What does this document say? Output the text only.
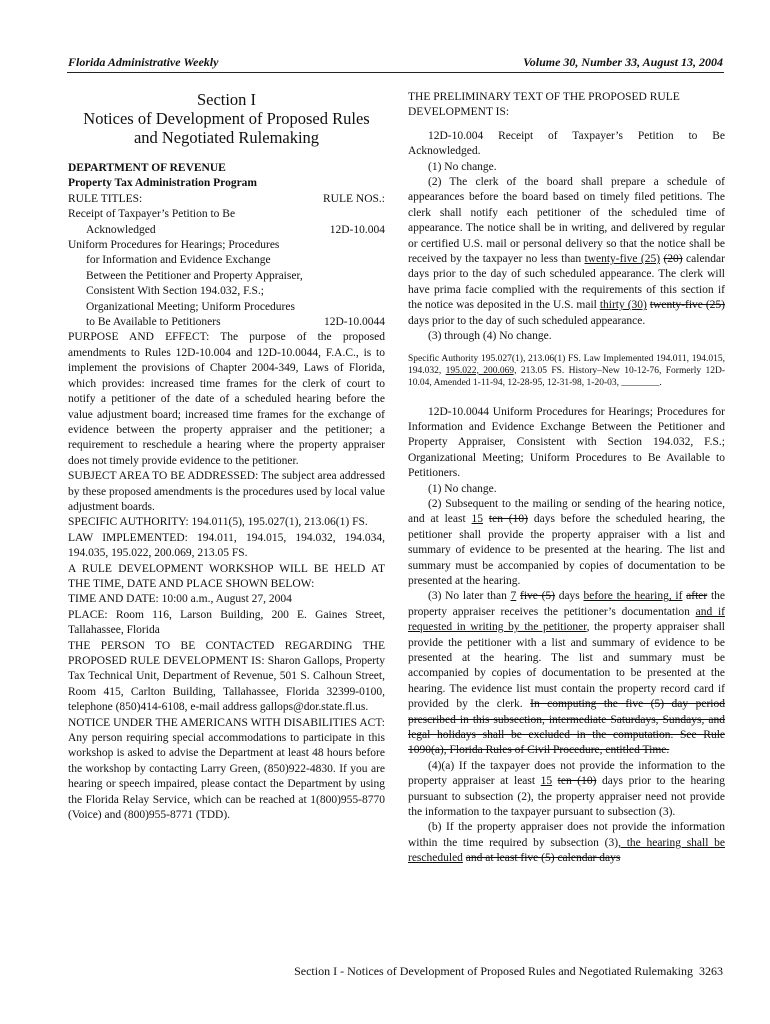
Florida Administrative Weekly	Volume 30, Number 33, August 13, 2004
Section I
Notices of Development of Proposed Rules
and Negotiated Rulemaking

DEPARTMENT OF REVENUE

Property Tax Administration Program

RULE TITLES:	RULE NOS.:

Receipt of Taxpayer’s Petition to Be

Acknowledged	12D-10.004

Uniform Procedures for Hearings; Procedures

for Information and Evidence Exchange

Between the Petitioner and Property Appraiser,

Consistent With Section 194.032, F.S.;

Organizational Meeting; Uniform Procedures

to Be Available to Petitioners	12D-10.0044

PURPOSE AND EFFECT: The purpose of the proposed amendments to Rules 12D-10.004 and 12D-10.0044, F.A.C., is to implement the provisions of Chapter 2004-349, Laws of Florida, which provides: increased time frames for the clerk of court to notify a petitioner of the date of a scheduled hearing before the value adjustment board; increased time frames for the exchange of evidence between the property appraiser and the petitioner; a requirement to reschedule a hearing where the property appraiser does not timely provide evidence to the petitioner.

SUBJECT AREA TO BE ADDRESSED: The subject area addressed by these proposed amendments is the procedures used by local value adjustment boards.

SPECIFIC AUTHORITY: 194.011(5), 195.027(1), 213.06(1) FS.

LAW IMPLEMENTED: 194.011, 194.015, 194.032, 194.034, 194.035, 195.022, 200.069, 213.05 FS.

A RULE DEVELOPMENT WORKSHOP WILL BE HELD AT THE TIME, DATE AND PLACE SHOWN BELOW:

TIME AND DATE: 10:00 a.m., August 27, 2004

PLACE: Room 116, Larson Building, 200 E. Gaines Street, Tallahassee, Florida

THE PERSON TO BE CONTACTED REGARDING THE PROPOSED RULE DEVELOPMENT IS: Sharon Gallops, Property Tax Technical Unit, Department of Revenue, 501 S. Calhoun Street, Room 415, Carlton Building, Tallahassee, Florida 32399-0100, telephone (850)414-6108, e-mail address gallops@dor.state.fl.us.

NOTICE UNDER THE AMERICANS WITH DISABILITIES ACT: Any person requiring special accommodations to participate in this workshop is asked to advise the Department at least 48 hours before the workshop by contacting Larry Green, (850)922-4830. If you are hearing or speech impaired, please contact the Department by using the Florida Relay Service, which can be reached at 1(800)955-8770 (Voice) and (800)955-8771 (TDD).

THE PRELIMINARY TEXT OF THE PROPOSED RULE DEVELOPMENT IS:

12D-10.004 Receipt of Taxpayer’s Petition to Be Acknowledged.

(1) No change.

(2) The clerk of the board shall prepare a schedule of appearances before the board based on timely filed petitions. The clerk shall notify each petitioner of the scheduled time of appearance. The notice shall be in writing, and delivered by regular or certified U.S. mail or personal delivery so that the notice shall be received by the taxpayer no less than twenty-five (25) (20) calendar days prior to the day of such scheduled appearance. The clerk will have prima facie complied with the requirements of this section if the notice was deposited in the U.S. mail thirty (30) twenty-five (25) days prior to the day of such scheduled appearance.

(3) through (4) No change.

Specific Authority 195.027(1), 213.06(1) FS. Law Implemented 194.011, 194.015, 194.032, 195.022, 200.069, 213.05 FS. History–New 10-12-76, Formerly 12D-10.04, Amended 1-11-94, 12-28-95, 12-31-98, 1-20-03, ________.

12D-10.0044 Uniform Procedures for Hearings; Procedures for Information and Evidence Exchange Between the Petitioner and Property Appraiser, Consistent with Section 194.032, F.S.; Organizational Meeting; Uniform Procedures to Be Available to Petitioners.

(1) No change.

(2) Subsequent to the mailing or sending of the hearing notice, and at least 15 ten (10) days before the scheduled hearing, the petitioner shall provide the property appraiser with a list and summary of evidence to be presented at the hearing. The list and summary must be accompanied by copies of documentation to be presented at the hearing.

(3) No later than 7 five (5) days before the hearing, if after the property appraiser receives the petitioner’s documentation and if requested in writing by the petitioner, the property appraiser shall provide the petitioner with a list and summary of evidence to be presented at the hearing. The list and summary must be accompanied by copies of documentation to be presented at the hearing. The evidence list must contain the property record card if provided by the clerk. In computing the five (5) day period prescribed in this subsection, intermediate Saturdays, Sundays, and legal holidays shall be excluded in the computation. See Rule 1090(a), Florida Rules of Civil Procedure, entitled Time.

(4)(a) If the taxpayer does not provide the information to the property appraiser at least 15 ten (10) days prior to the hearing pursuant to subsection (2), the property appraiser need not provide the information to the taxpayer pursuant to subsection (3).

(b) If the property appraiser does not provide the information within the time required by subsection (3), the hearing shall be rescheduled and at least five (5) calendar days

Section I - Notices of Development of Proposed Rules and Negotiated Rulemaking 3263
